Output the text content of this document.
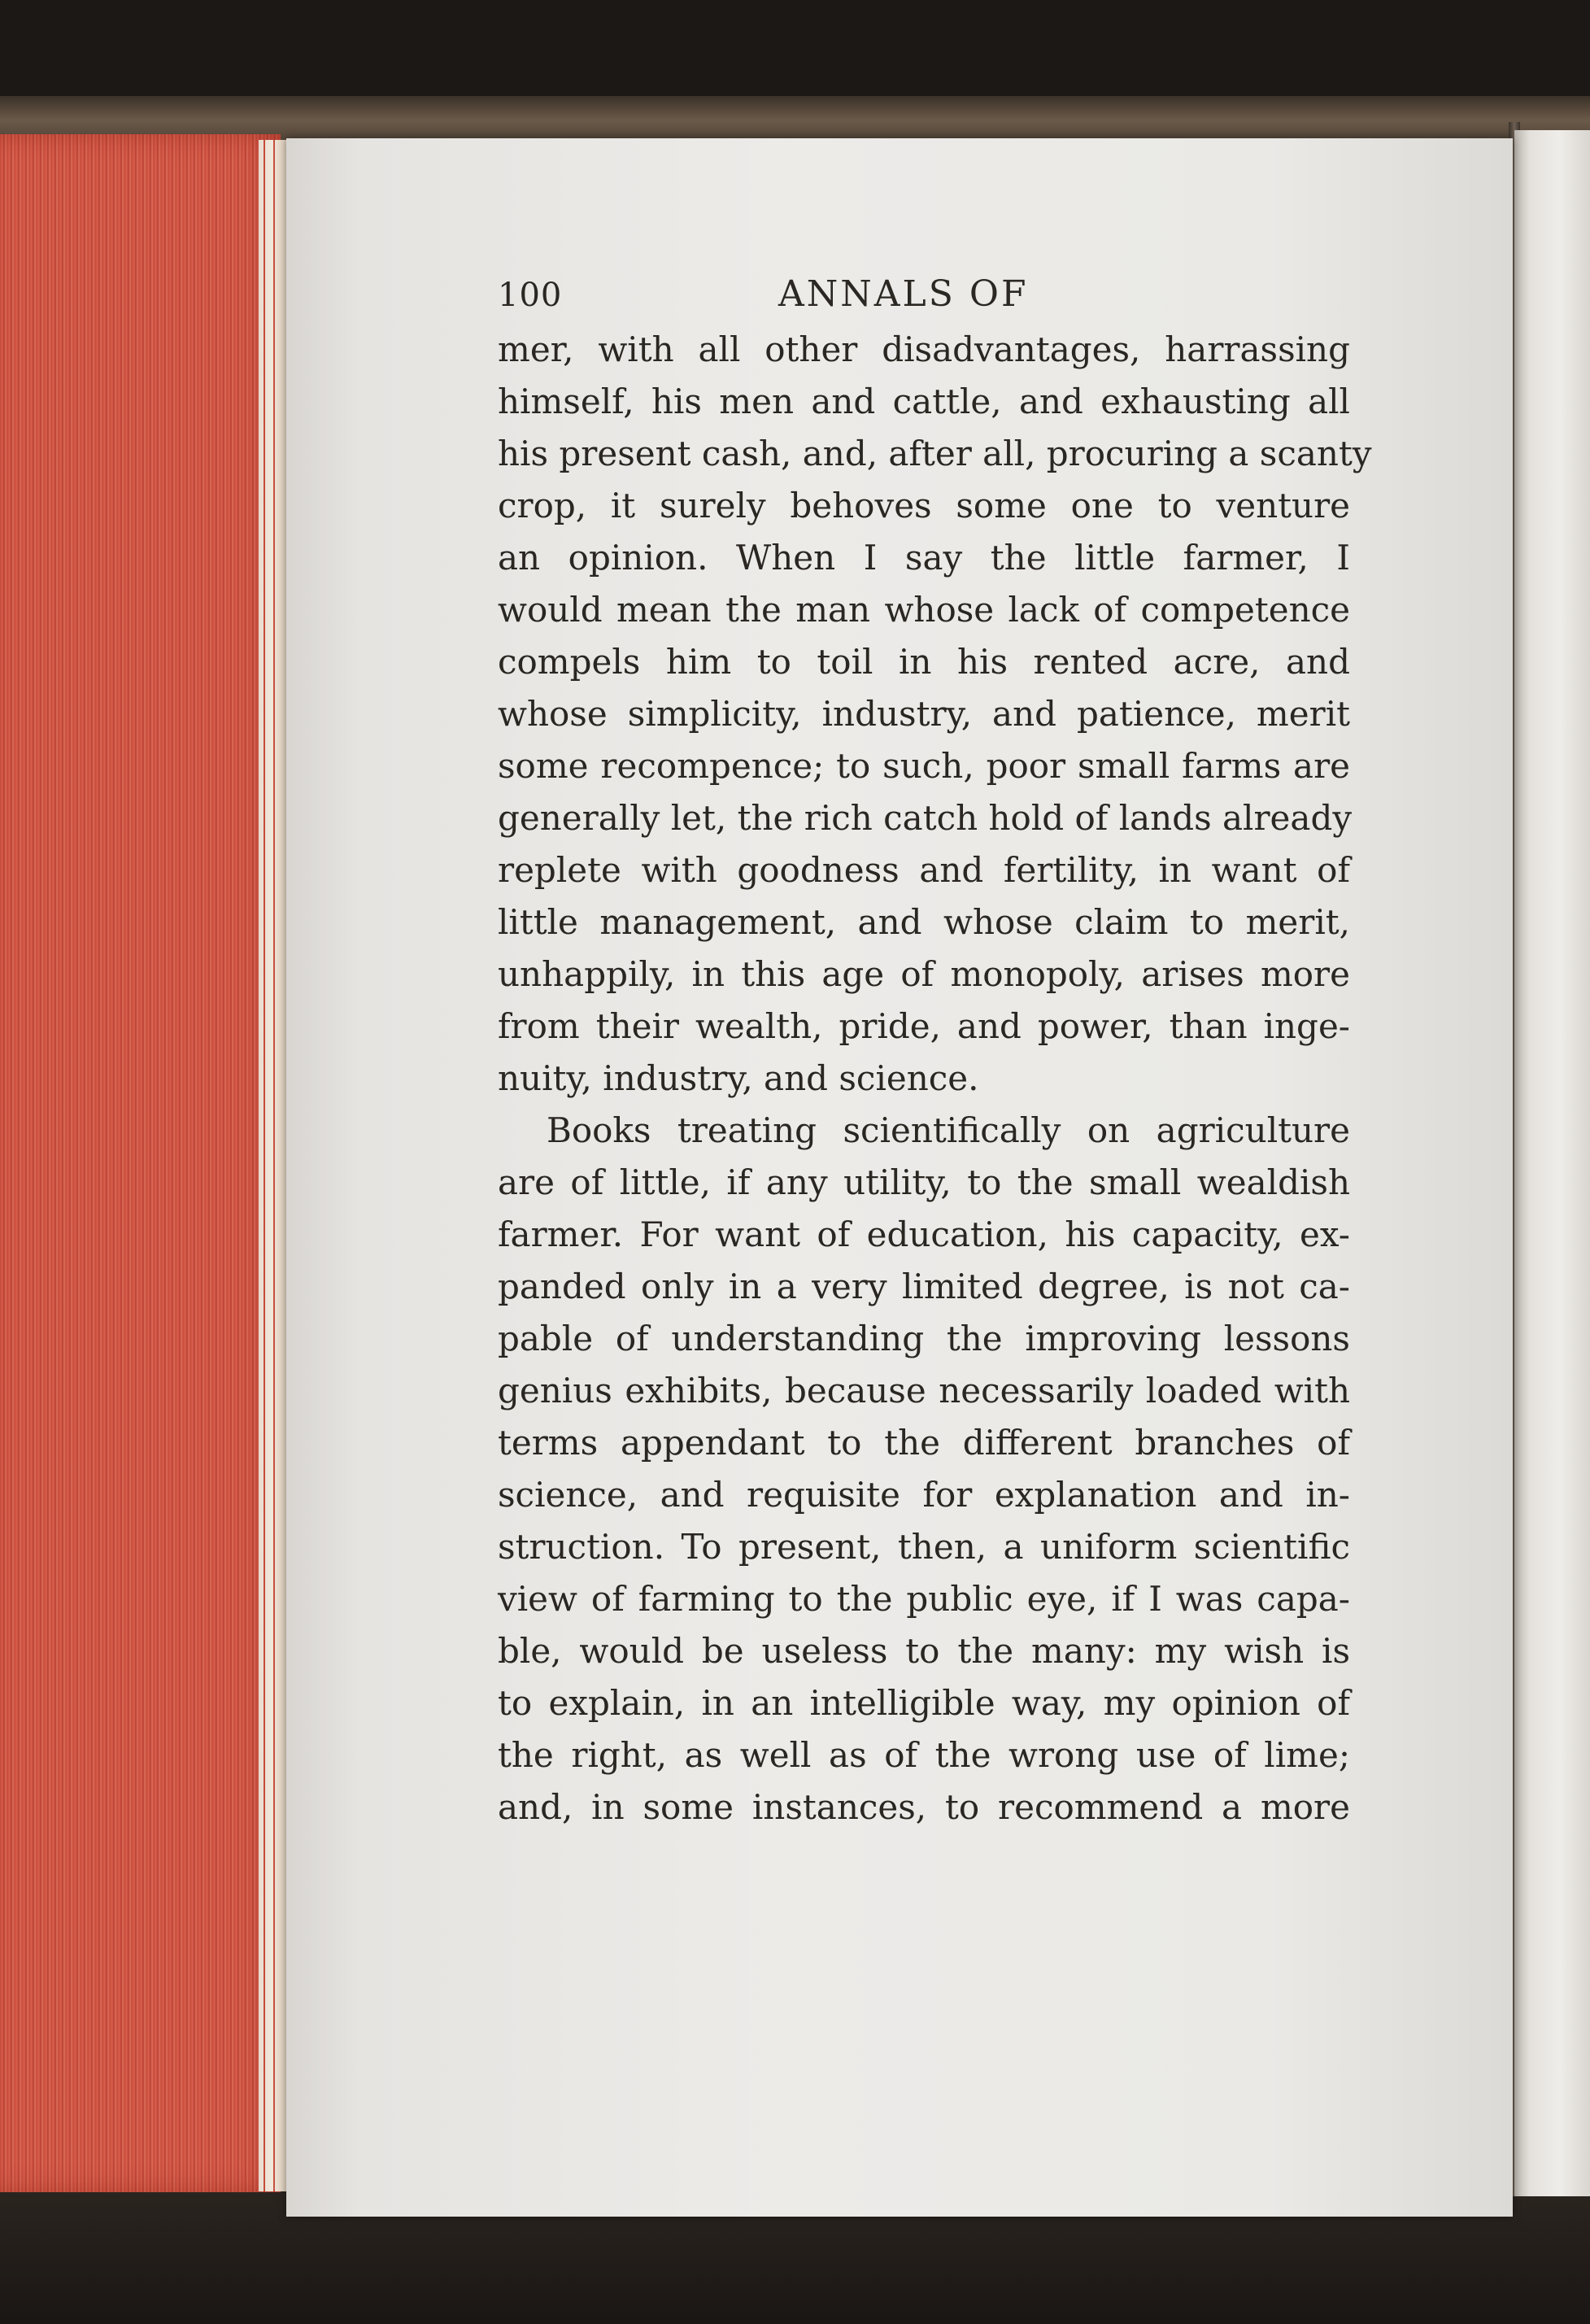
100	ANNALS OF
mer, with all other disadvantages, harrassing
himself, his men and cattle, and exhausting all
his present cash, and, after all, procuring a scanty
crop, it surely behoves some one to venture
an opinion. When I say the little farmer, I
would mean the man whose lack of competence
compels him to toil in his rented acre, and
whose simplicity, industry, and patience, merit
some recompence; to such, poor small farms are
generally let, the rich catch hold of lands already
replete with goodness and fertility, in want of
little management, and whose claim to merit,
unhappily, in this age of monopoly, arises more
from their wealth, pride, and power, than inge-
nuity, industry, and science.
Books treating scientifically on agriculture
are of little, if any utility, to the small wealdish
farmer. For want of education, his capacity, ex-
panded only in a very limited degree, is not ca-
pable of understanding the improving lessons
genius exhibits, because necessarily loaded with
terms appendant to the different branches of
science, and requisite for explanation and in-
struction. To present, then, a uniform scientific
view of farming to the public eye, if I was capa-
ble, would be useless to the many: my wish is
to explain, in an intelligible way, my opinion of
the right, as well as of the wrong use of lime;
and, in some instances, to recommend a more
